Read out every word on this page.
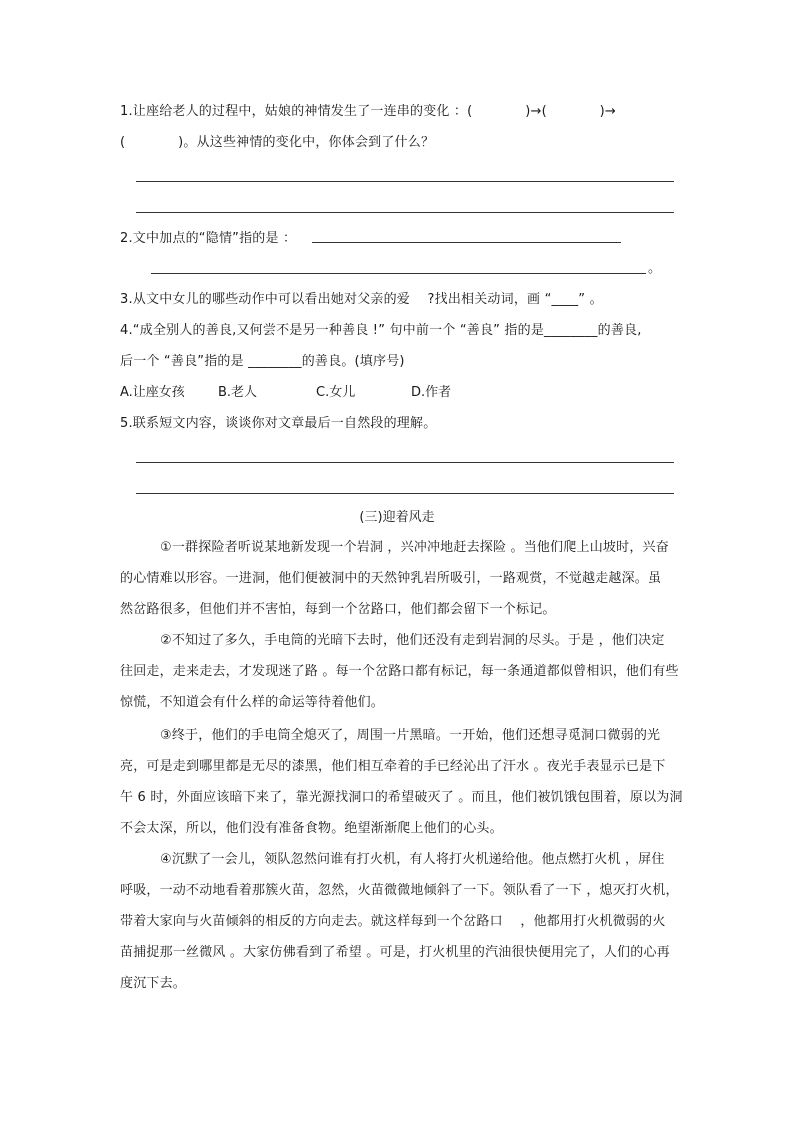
1.让座给老人的过程中，姑娘的神情发生了一连串的变化 ：(　　　　)→(　　　　)→
(　　　　)。从这些神情的变化中，你体会到了什么？
2.文中加点的“隐情”指的是 ：
。
3.从文中女儿的哪些动作中可以看出她对父亲的爱 　?找出相关动词，画 “____” 。
4.“成全别人的善良,又何尝不是另一种善良 !” 句中前一个 “善良” 指的是________的善良,
后一个 “善良”指的是 ________的善良。(填序号)
A.让座女孩	B.老人	C.女儿	D.作者
5.联系短文内容，谈谈你对文章最后一自然段的理解。
(三)迎着风走
①一群探险者听说某地新发现一个岩洞 ，兴冲冲地赶去探险 。当他们爬上山坡时，兴奋
的心情难以形容。一进洞，他们便被洞中的天然钟乳岩所吸引，一路观赏，不觉越走越深。虽
然岔路很多，但他们并不害怕，每到一个岔路口，他们都会留下一个标记。
②不知过了多久，手电筒的光暗下去时，他们还没有走到岩洞的尽头。于是 ，他们决定
往回走，走来走去，才发现迷了路 。每一个岔路口都有标记，每一条通道都似曾相识，他们有些
惊慌，不知道会有什么样的命运等待着他们。
③终于，他们的手电筒全熄灭了，周围一片黑暗。一开始，他们还想寻觅洞口微弱的光
亮，可是走到哪里都是无尽的漆黑，他们相互牵着的手已经沁出了汗水 。夜光手表显示已是下
午 6 时，外面应该暗下来了，靠光源找洞口的希望破灭了 。而且，他们被饥饿包围着，原以为洞
不会太深，所以，他们没有准备食物。绝望渐渐爬上他们的心头。
④沉默了一会儿，领队忽然问谁有打火机，有人将打火机递给他。他点燃打火机 ，屏住
呼吸，一动不动地看着那簇火苗，忽然，火苗微微地倾斜了一下。领队看了一下 ，熄灭打火机，
带着大家向与火苗倾斜的相反的方向走去。就这样每到一个岔路口 　，他都用打火机微弱的火
苗捕捉那一丝微风 。大家仿佛看到了希望 。可是，打火机里的汽油很快便用完了，人们的心再
度沉下去。
